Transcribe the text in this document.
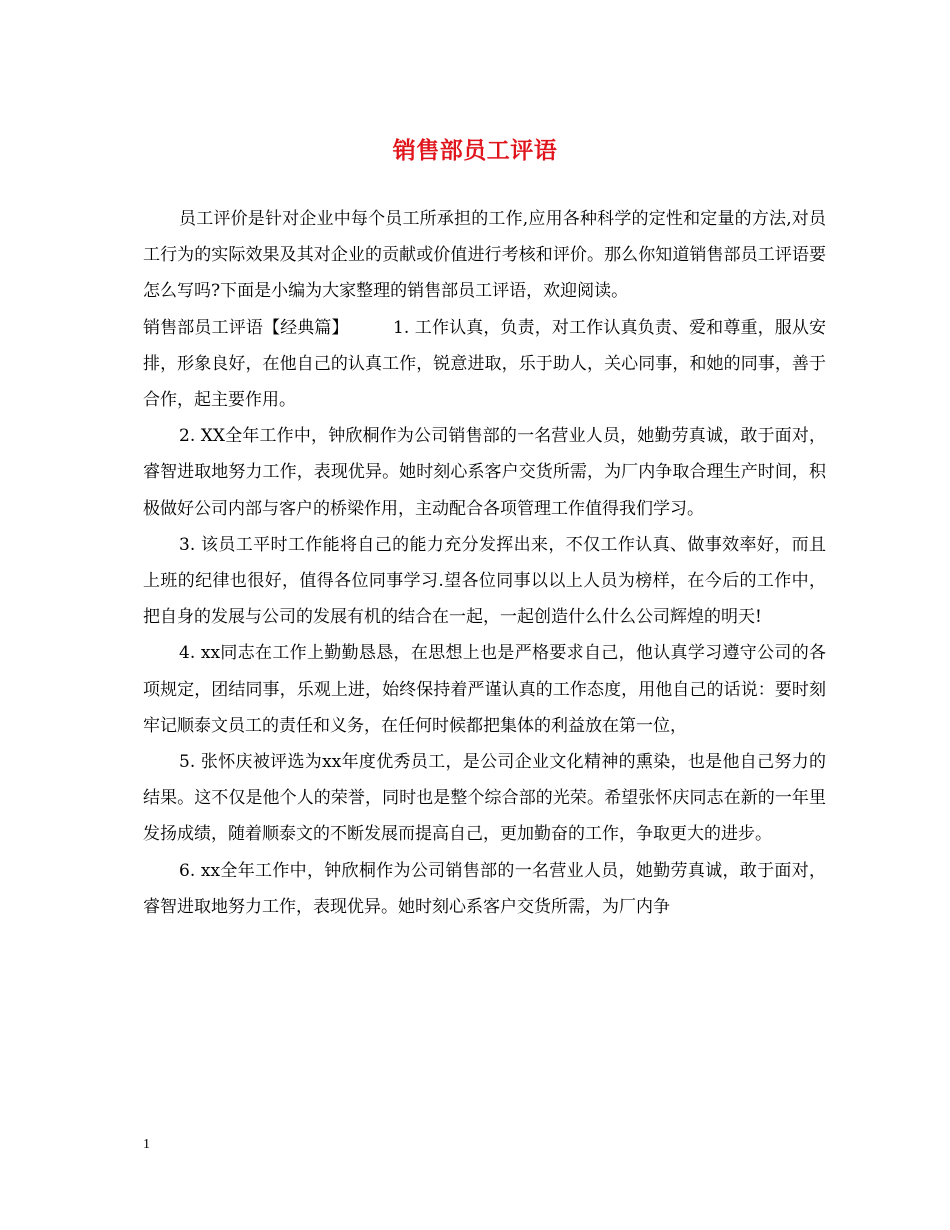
销售部员工评语

员工评价是针对企业中每个员工所承担的工作,应用各种科学的定性和定量的方法,对员工行为的实际效果及其对企业的贡献或价值进行考核和评价。那么你知道销售部员工评语要怎么写吗?下面是小编为大家整理的销售部员工评语，欢迎阅读。

销售部员工评语【经典篇】	1. 工作认真，负责，对工作认真负责、爱和尊重，服从安排，形象良好，在他自己的认真工作，锐意进取，乐于助人，关心同事，和她的同事，善于合作，起主要作用。

2. XX全年工作中，钟欣桐作为公司销售部的一名营业人员，她勤劳真诚，敢于面对，睿智进取地努力工作，表现优异。她时刻心系客户交货所需，为厂内争取合理生产时间，积极做好公司内部与客户的桥梁作用，主动配合各项管理工作值得我们学习。

3. 该员工平时工作能将自己的能力充分发挥出来，不仅工作认真、做事效率好，而且上班的纪律也很好，值得各位同事学习.望各位同事以以上人员为榜样，在今后的工作中，把自身的发展与公司的发展有机的结合在一起，一起创造什么什么公司辉煌的明天!

4. xx同志在工作上勤勤恳恳，在思想上也是严格要求自己，他认真学习遵守公司的各项规定，团结同事，乐观上进，始终保持着严谨认真的工作态度，用他自己的话说：要时刻牢记顺泰文员工的责任和义务，在任何时候都把集体的利益放在第一位，

5. 张怀庆被评选为xx年度优秀员工，是公司企业文化精神的熏染，也是他自己努力的结果。这不仅是他个人的荣誉，同时也是整个综合部的光荣。希望张怀庆同志在新的一年里发扬成绩，随着顺泰文的不断发展而提高自己，更加勤奋的工作，争取更大的进步。

6. xx全年工作中，钟欣桐作为公司销售部的一名营业人员，她勤劳真诚，敢于面对，睿智进取地努力工作，表现优异。她时刻心系客户交货所需，为厂内争

1
